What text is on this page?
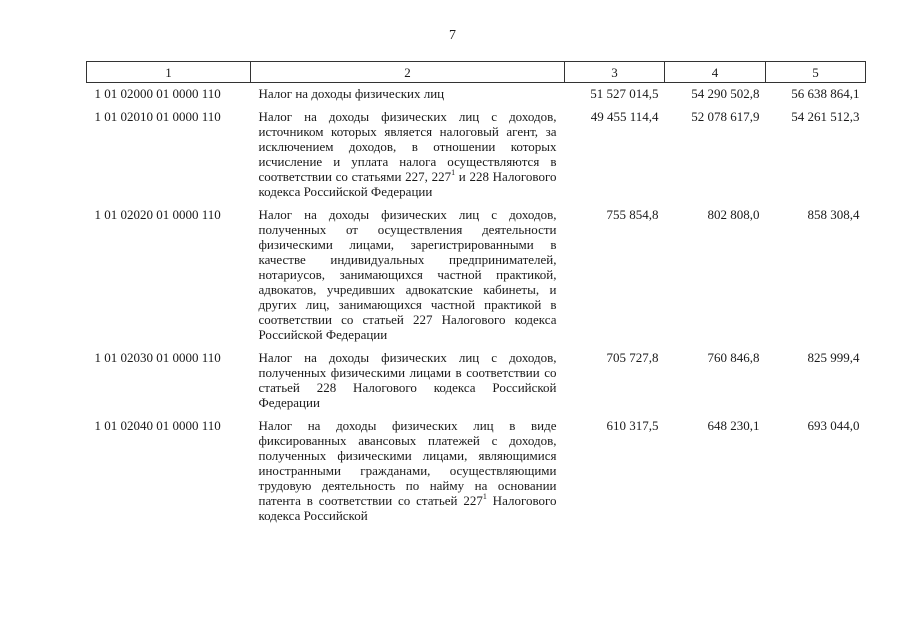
7
1	2	3	4	5
1 01 02000 01 0000 110	Налог на доходы физических лиц	51 527 014,5	54 290 502,8	56 638 864,1
1 01 02010 01 0000 110	Налог на доходы физических лиц с доходов, источником которых является налоговый агент, за исключением доходов, в отношении которых исчисление и уплата налога осуществляются в соответствии со статьями 227, $227^1$ и 228 Налогового кодекса Российской Федерации	49 455 114,4	52 078 617,9	54 261 512,3
1 01 02020 01 0000 110	Налог на доходы физических лиц с доходов, полученных от осуществления деятельности физическими лицами, зарегистрированными в качестве индивидуальных предпринимателей, нотариусов, занимающихся частной практикой, адвокатов, учредивших адвокатские кабинеты, и других лиц, занимающихся частной практикой в соответствии со статьей 227 Налогового кодекса Российской Федерации	755 854,8	802 808,0	858 308,4
1 01 02030 01 0000 110	Налог на доходы физических лиц с доходов, полученных физическими лицами в соответствии со статьей 228 Налогового кодекса Российской Федерации	705 727,8	760 846,8	825 999,4
1 01 02040 01 0000 110	Налог на доходы физических лиц в виде фиксированных авансовых платежей с доходов, полученных физическими лицами, являющимися иностранными гражданами, осуществляющими трудовую деятельность по найму на основании патента в соответствии со статьей $227^1$ Налогового кодекса Российской	610 317,5	648 230,1	693 044,0
